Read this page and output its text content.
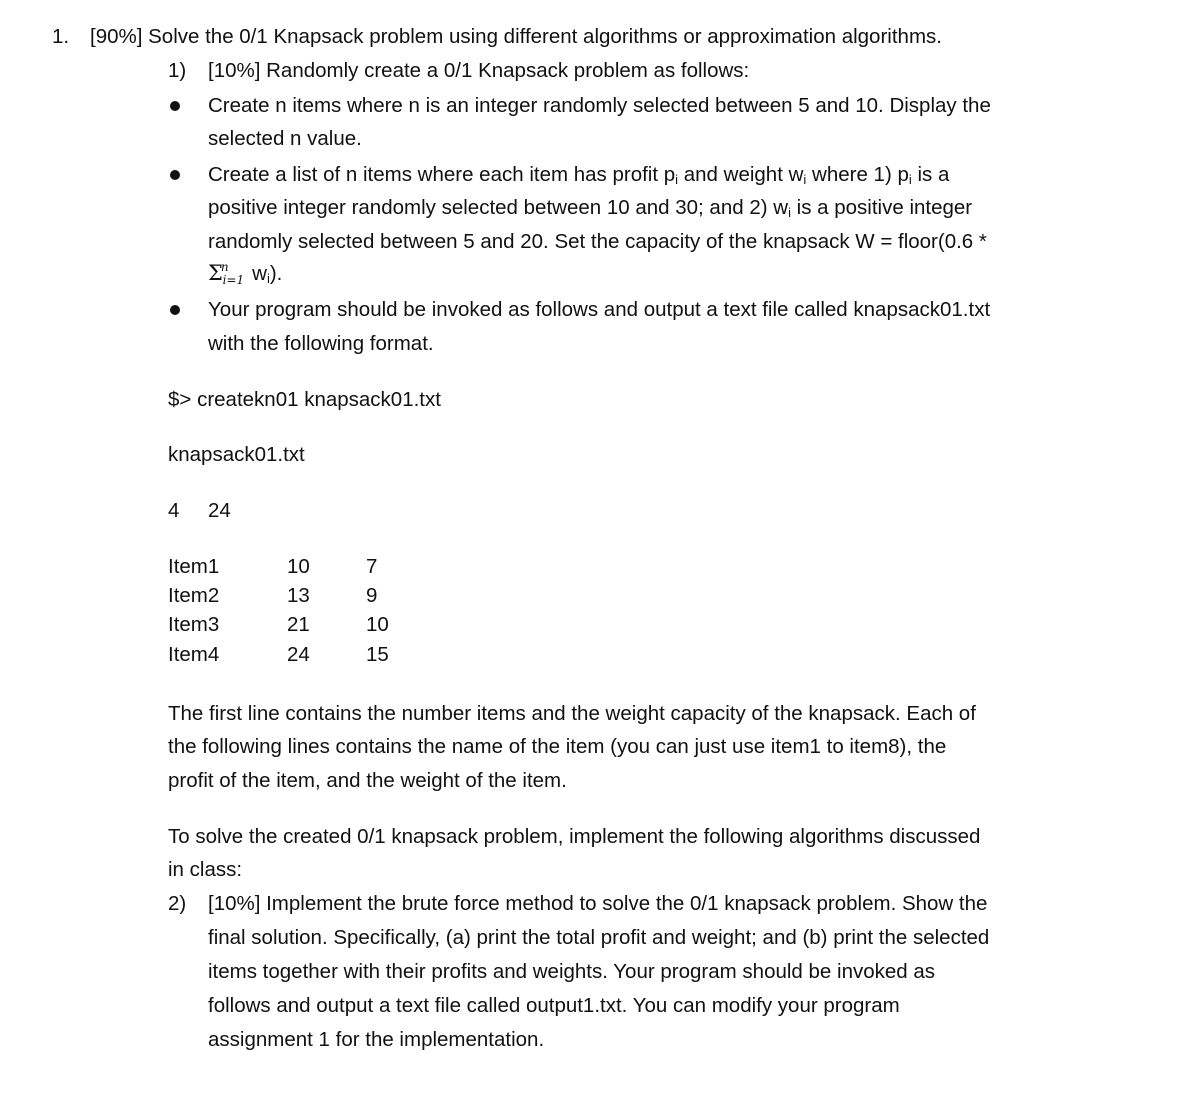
1. [90%] Solve the 0/1 Knapsack problem using different algorithms or approximation algorithms.
1) [10%] Randomly create a 0/1 Knapsack problem as follows:
Create n items where n is an integer randomly selected between 5 and 10. Display the
selected n value.
Create a list of n items where each item has profit $p_i$ and weight $w_i$ where 1) $p_i$ is a
positive integer randomly selected between 10 and 30; and 2) $w_i$ is a positive integer
randomly selected between 5 and 20. Set the capacity of the knapsack W = floor(0.6 *
$\Sigma^ni=1$ $w_i$).
Your program should be invoked as follows and output a text file called knapsack01.txt
with the following format.
$> createkn01 knapsack01.txt
knapsack01.txt
4 24
Item1	10	7
Item2	13	9
Item3	21	10
Item4	24	15
The first line contains the number items and the weight capacity of the knapsack. Each of
the following lines contains the name of the item (you can just use item1 to item8), the
profit of the item, and the weight of the item.
To solve the created 0/1 knapsack problem, implement the following algorithms discussed
in class:
2) [10%] Implement the brute force method to solve the 0/1 knapsack problem. Show the
final solution. Specifically, (a) print the total profit and weight; and (b) print the selected
items together with their profits and weights. Your program should be invoked as
follows and output a text file called output1.txt. You can modify your program
assignment 1 for the implementation.
